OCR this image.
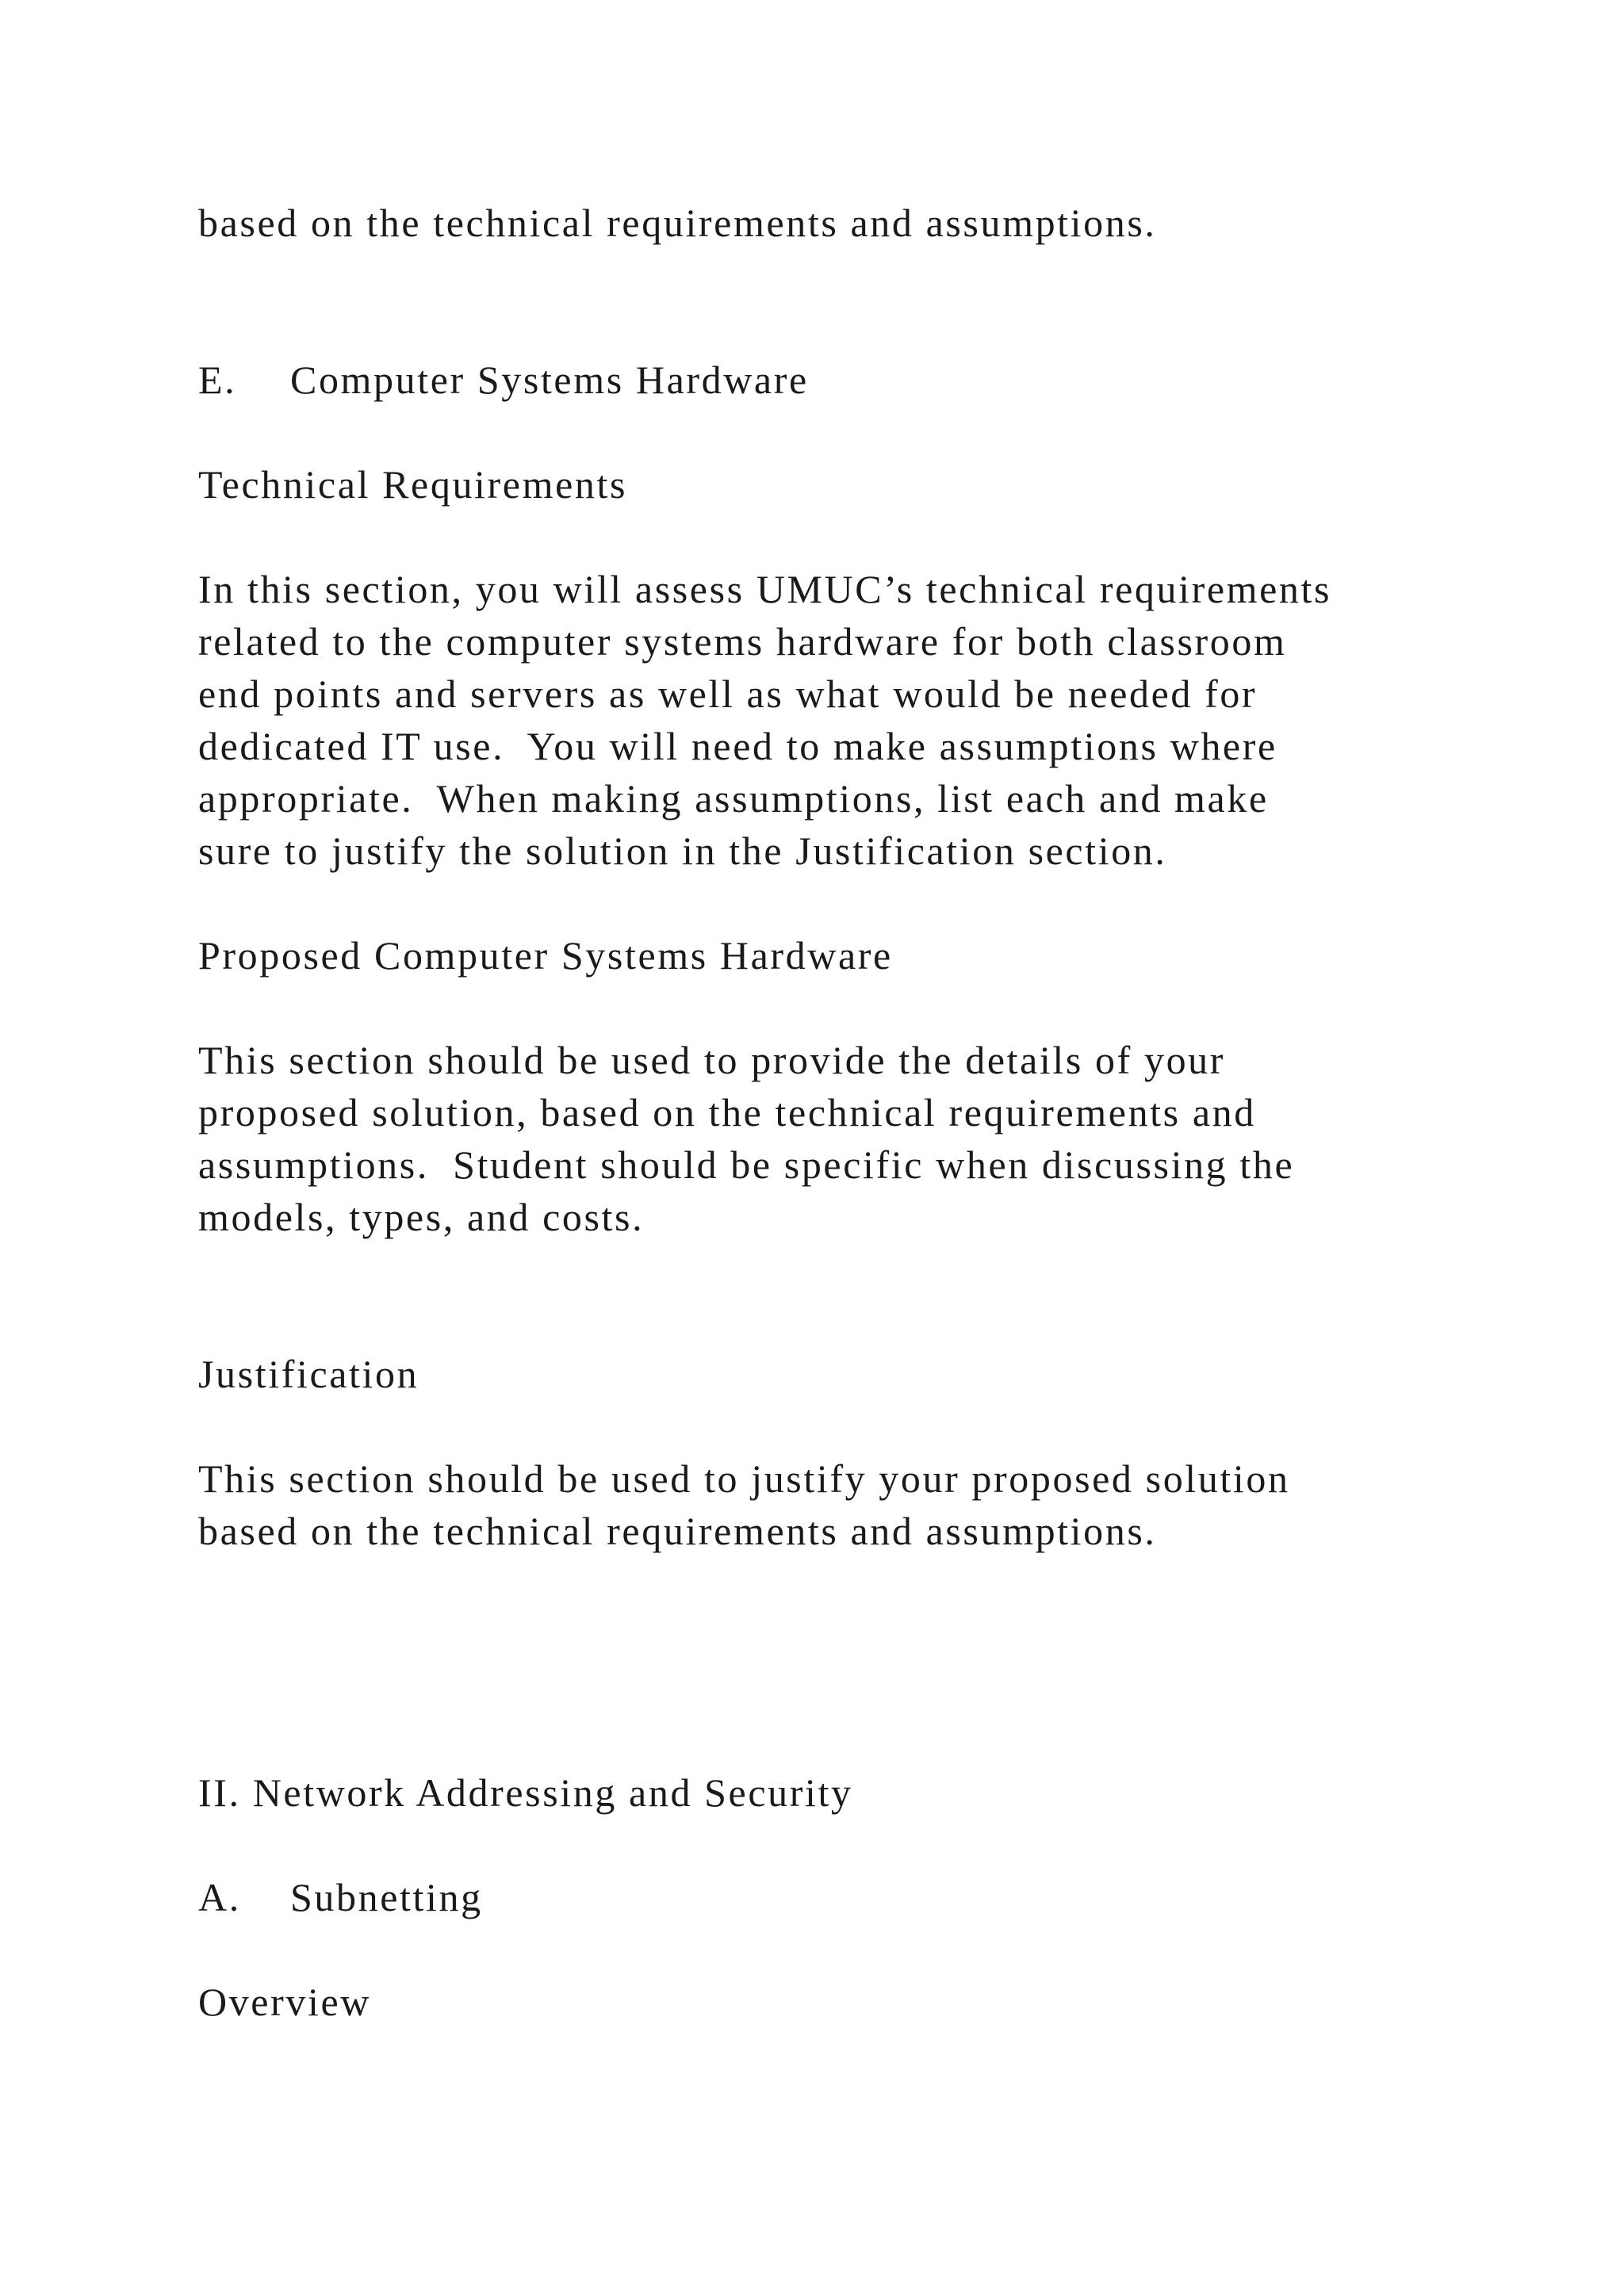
based on the technical requirements and assumptions.
E. Computer Systems Hardware
Technical Requirements
In this section, you will assess UMUC’s technical requirements
related to the computer systems hardware for both classroom
end points and servers as well as what would be needed for
dedicated IT use.  You will need to make assumptions where
appropriate.  When making assumptions, list each and make
sure to justify the solution in the Justification section.
Proposed Computer Systems Hardware
This section should be used to provide the details of your
proposed solution, based on the technical requirements and
assumptions.  Student should be specific when discussing the
models, types, and costs.
Justification
This section should be used to justify your proposed solution
based on the technical requirements and assumptions.
II. Network Addressing and Security
A. Subnetting
Overview
